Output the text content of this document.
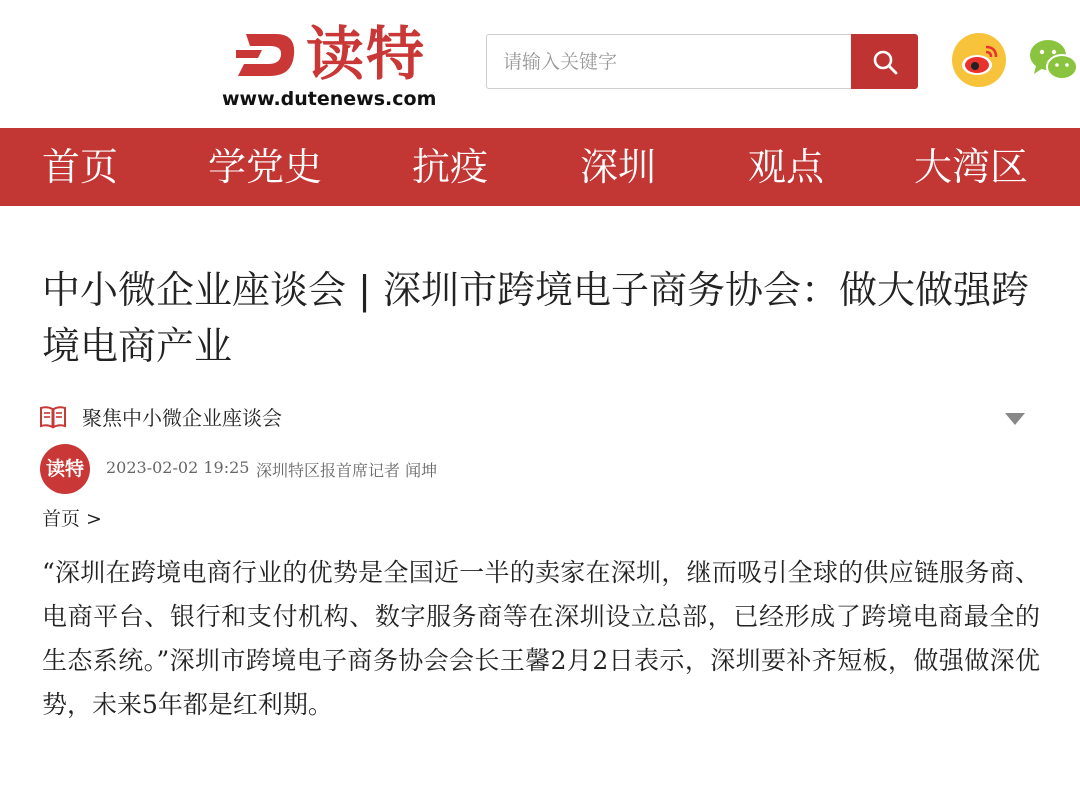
读特
www.dutenews.com
请输入关键字
首页 学党史 抗疫 深圳 观点 大湾区
中小微企业座谈会 | 深圳市跨境电子商务协会：做大做强跨境电商产业
聚焦中小微企业座谈会
读特	2023-02-02 19:25 深圳特区报首席记者 闻坤
首页 >

“深圳在跨境电商行业的优势是全国近一半的卖家在深圳，继而吸引全球的供应链服务商、电商平台、银行和支付机构、数字服务商等在深圳设立总部，已经形成了跨境电商最全的生态系统。”深圳市跨境电子商务协会会长王馨2月2日表示，深圳要补齐短板，做强做深优势，未来5年都是红利期。
